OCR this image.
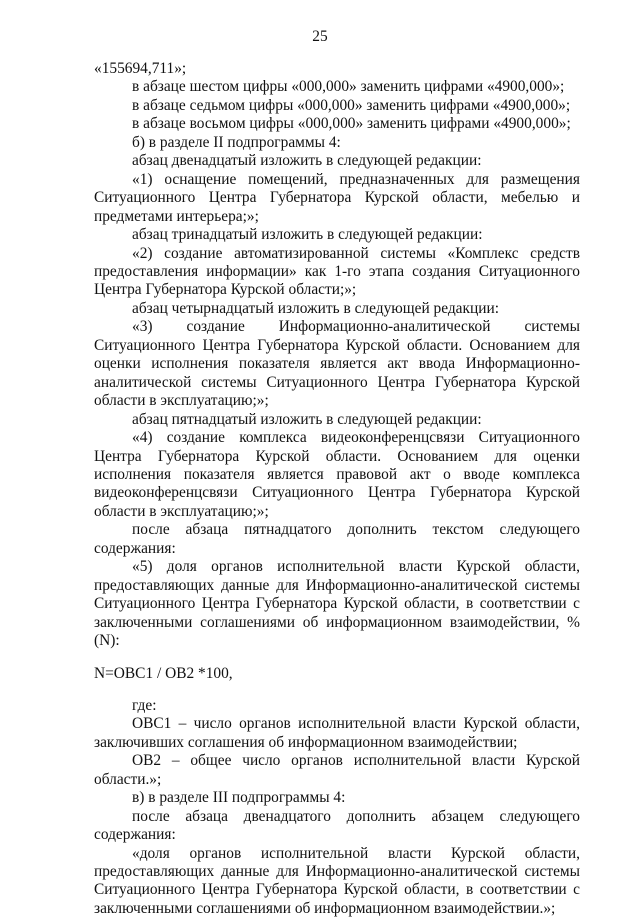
25

«155694,711»;

в абзаце шестом цифры «000,000» заменить цифрами «4900,000»;

в абзаце седьмом цифры «000,000» заменить цифрами «4900,000»;

в абзаце восьмом цифры «000,000» заменить цифрами «4900,000»;

б) в разделе II подпрограммы 4:

абзац двенадцатый изложить в следующей редакции:

«1) оснащение помещений, предназначенных для размещения Ситуационного Центра Губернатора Курской области, мебелью и предметами интерьера;»;

абзац тринадцатый изложить в следующей редакции:

«2) создание автоматизированной системы «Комплекс средств предоставления информации» как 1-го этапа создания Ситуационного Центра Губернатора Курской области;»;

абзац четырнадцатый изложить в следующей редакции:

«3) создание Информационно-аналитической системы Ситуационного Центра Губернатора Курской области. Основанием для оценки исполнения показателя является акт ввода Информационно-аналитической системы Ситуационного Центра Губернатора Курской области в эксплуатацию;»;

абзац пятнадцатый изложить в следующей редакции:

«4) создание комплекса видеоконференцсвязи Ситуационного Центра Губернатора Курской области. Основанием для оценки исполнения показателя является правовой акт о вводе комплекса видеоконференцсвязи Ситуационного Центра Губернатора Курской области в эксплуатацию;»;

после абзаца пятнадцатого дополнить текстом следующего содержания:

«5) доля органов исполнительной власти Курской области, предоставляющих данные для Информационно-аналитической системы Ситуационного Центра Губернатора Курской области, в соответствии с заключенными соглашениями об информационном взаимодействии, % (N):

N=ОВС1 / ОВ2 *100,

где:

ОВС1 – число органов исполнительной власти Курской области, заключивших соглашения об информационном взаимодействии;

ОВ2 – общее число органов исполнительной власти Курской области.»;

в) в разделе III подпрограммы 4:

после абзаца двенадцатого дополнить абзацем следующего содержания:

«доля органов исполнительной власти Курской области, предоставляющих данные для Информационно-аналитической системы Ситуационного Центра Губернатора Курской области, в соответствии с заключенными соглашениями об информационном взаимодействии.»;
